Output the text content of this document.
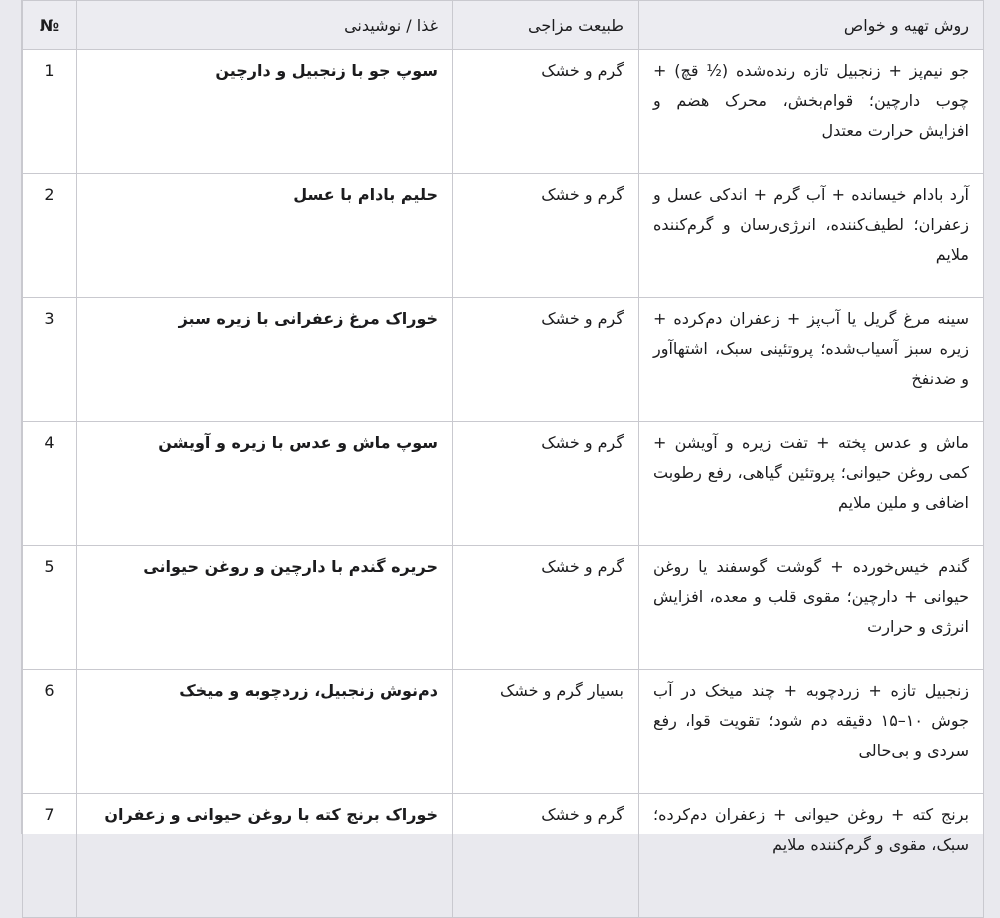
№	غذا / نوشیدنی	طبیعت مزاجی	روش تهیه و خواص
1	سوپ جو با زنجبیل و دارچین	گرم و خشک	جو نیم‌پز + زنجبیل تازه رنده‌شده (½ قچ) + چوب دارچین؛ قوام‌بخش، محرک هضم و افزایش حرارت معتدل
2	حلیم بادام با عسل	گرم و خشک	آرد بادام خیسانده + آب گرم + اندکی عسل و زعفران؛ لطیف‌کننده، انرژی‌رسان و گرم‌کننده ملایم
3	خوراک مرغ زعفرانی با زیره سبز	گرم و خشک	سینه مرغ گریل یا آب‌پز + زعفران دم‌کرده + زیره سبز آسیاب‌شده؛ پروتئینی سبک، اشتهاآور و ضدنفخ
4	سوپ ماش و عدس با زیره و آویشن	گرم و خشک	ماش و عدس پخته + تفت زیره و آویشن + کمی روغن حیوانی؛ پروتئین گیاهی، رفع رطوبت اضافی و ملین ملایم
5	حریره گندم با دارچین و روغن حیوانی	گرم و خشک	گندم خیس‌خورده + گوشت گوسفند یا روغن حیوانی + دارچین؛ مقوی قلب و معده، افزایش انرژی و حرارت
6	دم‌نوش زنجبیل، زردچوبه و میخک	بسیار گرم و خشک	زنجبیل تازه + زردچوبه + چند میخک در آب جوش ۱۰–۱۵ دقیقه دم شود؛ تقویت قوا، رفع سردی و بی‌حالی
7	خوراک برنج کته با روغن حیوانی و زعفران	گرم و خشک	برنج کته + روغن حیوانی + زعفران دم‌کرده؛ سبک، مقوی و گرم‌کننده ملایم
